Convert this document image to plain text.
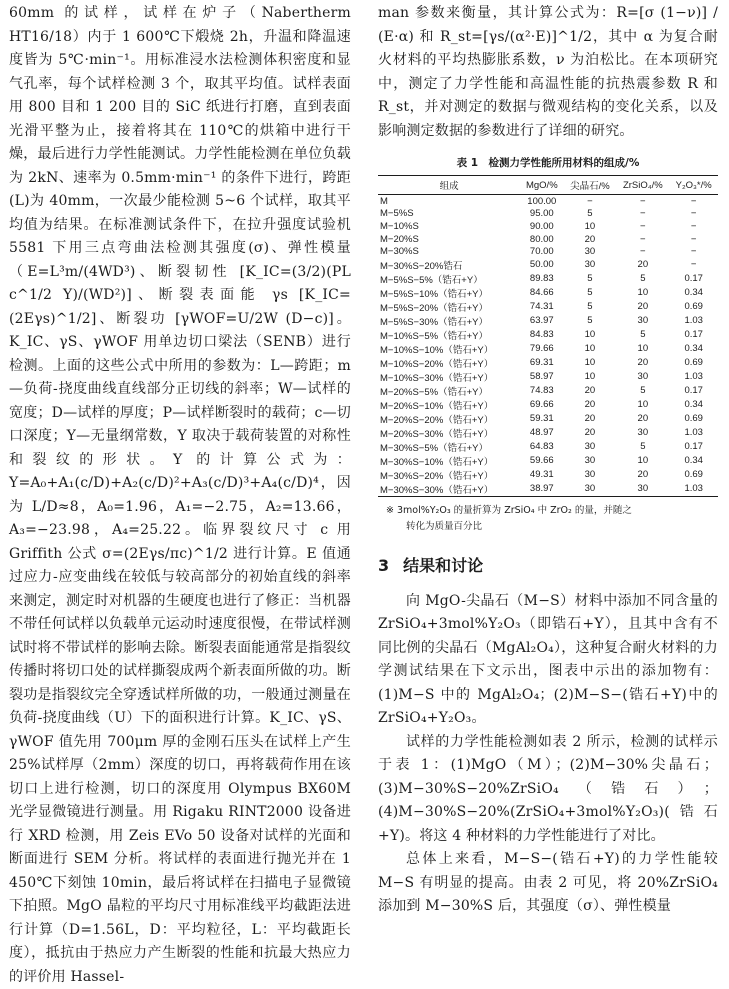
60mm 的试样，试样在炉子（Nabertherm HT16/18）内于 1 600℃下煅烧 2h，升温和降温速度皆为 5℃·min⁻¹。用标准浸水法检测体积密度和显气孔率，每个试样检测 3 个，取其平均值。试样表面用 800 目和 1 200 目的 SiC 纸进行打磨，直到表面光滑平整为止，接着将其在 110℃的烘箱中进行干燥，最后进行力学性能测试。力学性能检测在单位负载为 2kN、速率为 0.5mm·min⁻¹ 的条件下进行，跨距(L)为 40mm，一次最少能检测 5~6 个试样，取其平均值为结果。在标准测试条件下，在拉升强度试验机 5581 下用三点弯曲法检测其强度(σ)、弹性模量（E=L³m/(4WD³)、断裂韧性 [K_IC=(3/2)(PL c^1/2 Y)/(WD²)]、断裂表面能 γs [K_IC=(2Eγs)^1/2]、断裂功 [γWOF=U/2W (D−c)]。K_IC、γS、γWOF 用单边切口梁法（SENB）进行检测。上面的这些公式中所用的参数为：L—跨距；m—负荷-挠度曲线直线部分正切线的斜率；W—试样的宽度；D—试样的厚度；P—试样断裂时的载荷；c—切口深度；Y—无量纲常数，Y 取决于载荷装置的对称性和裂纹的形状。Y 的计算公式为：Y=A₀+A₁(c/D)+A₂(c/D)²+A₃(c/D)³+A₄(c/D)⁴，因为 L/D≈8，A₀=1.96，A₁=−2.75，A₂=13.66，A₃=−23.98，A₄=25.22。临界裂纹尺寸 c 用 Griffith 公式 σ=(2Eγs/πc)^1/2 进行计算。E 值通过应力-应变曲线在较低与较高部分的初始直线的斜率来测定，测定时对机器的生硬度也进行了修正：当机器不带任何试样以负载单元运动时速度很慢，在带试样测试时将不带试样的影响去除。断裂表面能通常是指裂纹传播时将切口处的试样撕裂成两个新表面所做的功。断裂功是指裂纹完全穿透试样所做的功，一般通过测量在负荷-挠度曲线（U）下的面积进行计算。K_IC、γS、γWOF 值先用 700μm 厚的金刚石压头在试样上产生 25%试样厚（2mm）深度的切口，再将载荷作用在该切口上进行检测，切口的深度用 Olympus BX60M 光学显微镜进行测量。用 Rigaku RINT2000 设备进行 XRD 检测，用 Zeis EVo 50 设备对试样的光面和断面进行 SEM 分析。将试样的表面进行抛光并在 1 450℃下刻蚀 10min，最后将试样在扫描电子显微镜下拍照。MgO 晶粒的平均尺寸用标准线平均截距法进行计算（D=1.56L，D：平均粒径，L：平均截距长度），抵抗由于热应力产生断裂的性能和抗最大热应力的评价用 Hassel-

man 参数来衡量，其计算公式为：R=[σ (1−ν)] / (E·α) 和 R_st=[γs/(α²·E)]^1/2，其中 α 为复合耐火材料的平均热膨胀系数，ν 为泊松比。在本项研究中，测定了力学性能和高温性能的抗热震参数 R 和 R_st，并对测定的数据与微观结构的变化关系，以及影响测定数据的参数进行了详细的研究。

表 1　检测力学性能所用材料的组成/%
组成	MgO/%	尖晶石/%	ZrSiO₄/%	Y₂O₃*/%
M	100.00	−	−	−
M−5%S	95.00	5	−	−
M−10%S	90.00	10	−	−
M−20%S	80.00	20	−	−
M−30%S	70.00	30	−	−
M−30%S−20%锆石	50.00	30	20	−
M−5%S−5%（锆石+Y）	89.83	5	5	0.17
M−5%S−10%（锆石+Y）	84.66	5	10	0.34
M−5%S−20%（锆石+Y）	74.31	5	20	0.69
M−5%S−30%（锆石+Y）	63.97	5	30	1.03
M−10%S−5%（锆石+Y）	84.83	10	5	0.17
M−10%S−10%（锆石+Y）	79.66	10	10	0.34
M−10%S−20%（锆石+Y）	69.31	10	20	0.69
M−10%S−30%（锆石+Y）	58.97	10	30	1.03
M−20%S−5%（锆石+Y）	74.83	20	5	0.17
M−20%S−10%（锆石+Y）	69.66	20	10	0.34
M−20%S−20%（锆石+Y）	59.31	20	20	0.69
M−20%S−30%（锆石+Y）	48.97	20	30	1.03
M−30%S−5%（锆石+Y）	64.83	30	5	0.17
M−30%S−10%（锆石+Y）	59.66	30	10	0.34
M−30%S−20%（锆石+Y）	49.31	30	20	0.69
M−30%S−30%（锆石+Y）	38.97	30	30	1.03
※ 3mol%Y₂O₃ 的量折算为 ZrSiO₄ 中 ZrO₂ 的量，并随之
转化为质量百分比
3 结果和讨论

向 MgO-尖晶石（M−S）材料中添加不同含量的 ZrSiO₄+3mol%Y₂O₃（即锆石+Y），且其中含有不同比例的尖晶石（MgAl₂O₄），这种复合耐火材料的力学测试结果在下文示出，图表中示出的添加物有：(1)M−S 中的 MgAl₂O₄；(2)M−S−(锆石+Y)中的 ZrSiO₄+Y₂O₃。

试样的力学性能检测如表 2 所示，检测的试样示于表 1：(1)MgO（M）；(2)M−30%尖晶石；(3)M−30%S−20%ZrSiO₄（锆石）；(4)M−30%S−20%(ZrSiO₄+3mol%Y₂O₃)(锆石+Y)。将这 4 种材料的力学性能进行了对比。

总体上来看，M−S−(锆石+Y)的力学性能较 M−S 有明显的提高。由表 2 可见，将 20%ZrSiO₄ 添加到 M−30%S 后，其强度（σ）、弹性模量
